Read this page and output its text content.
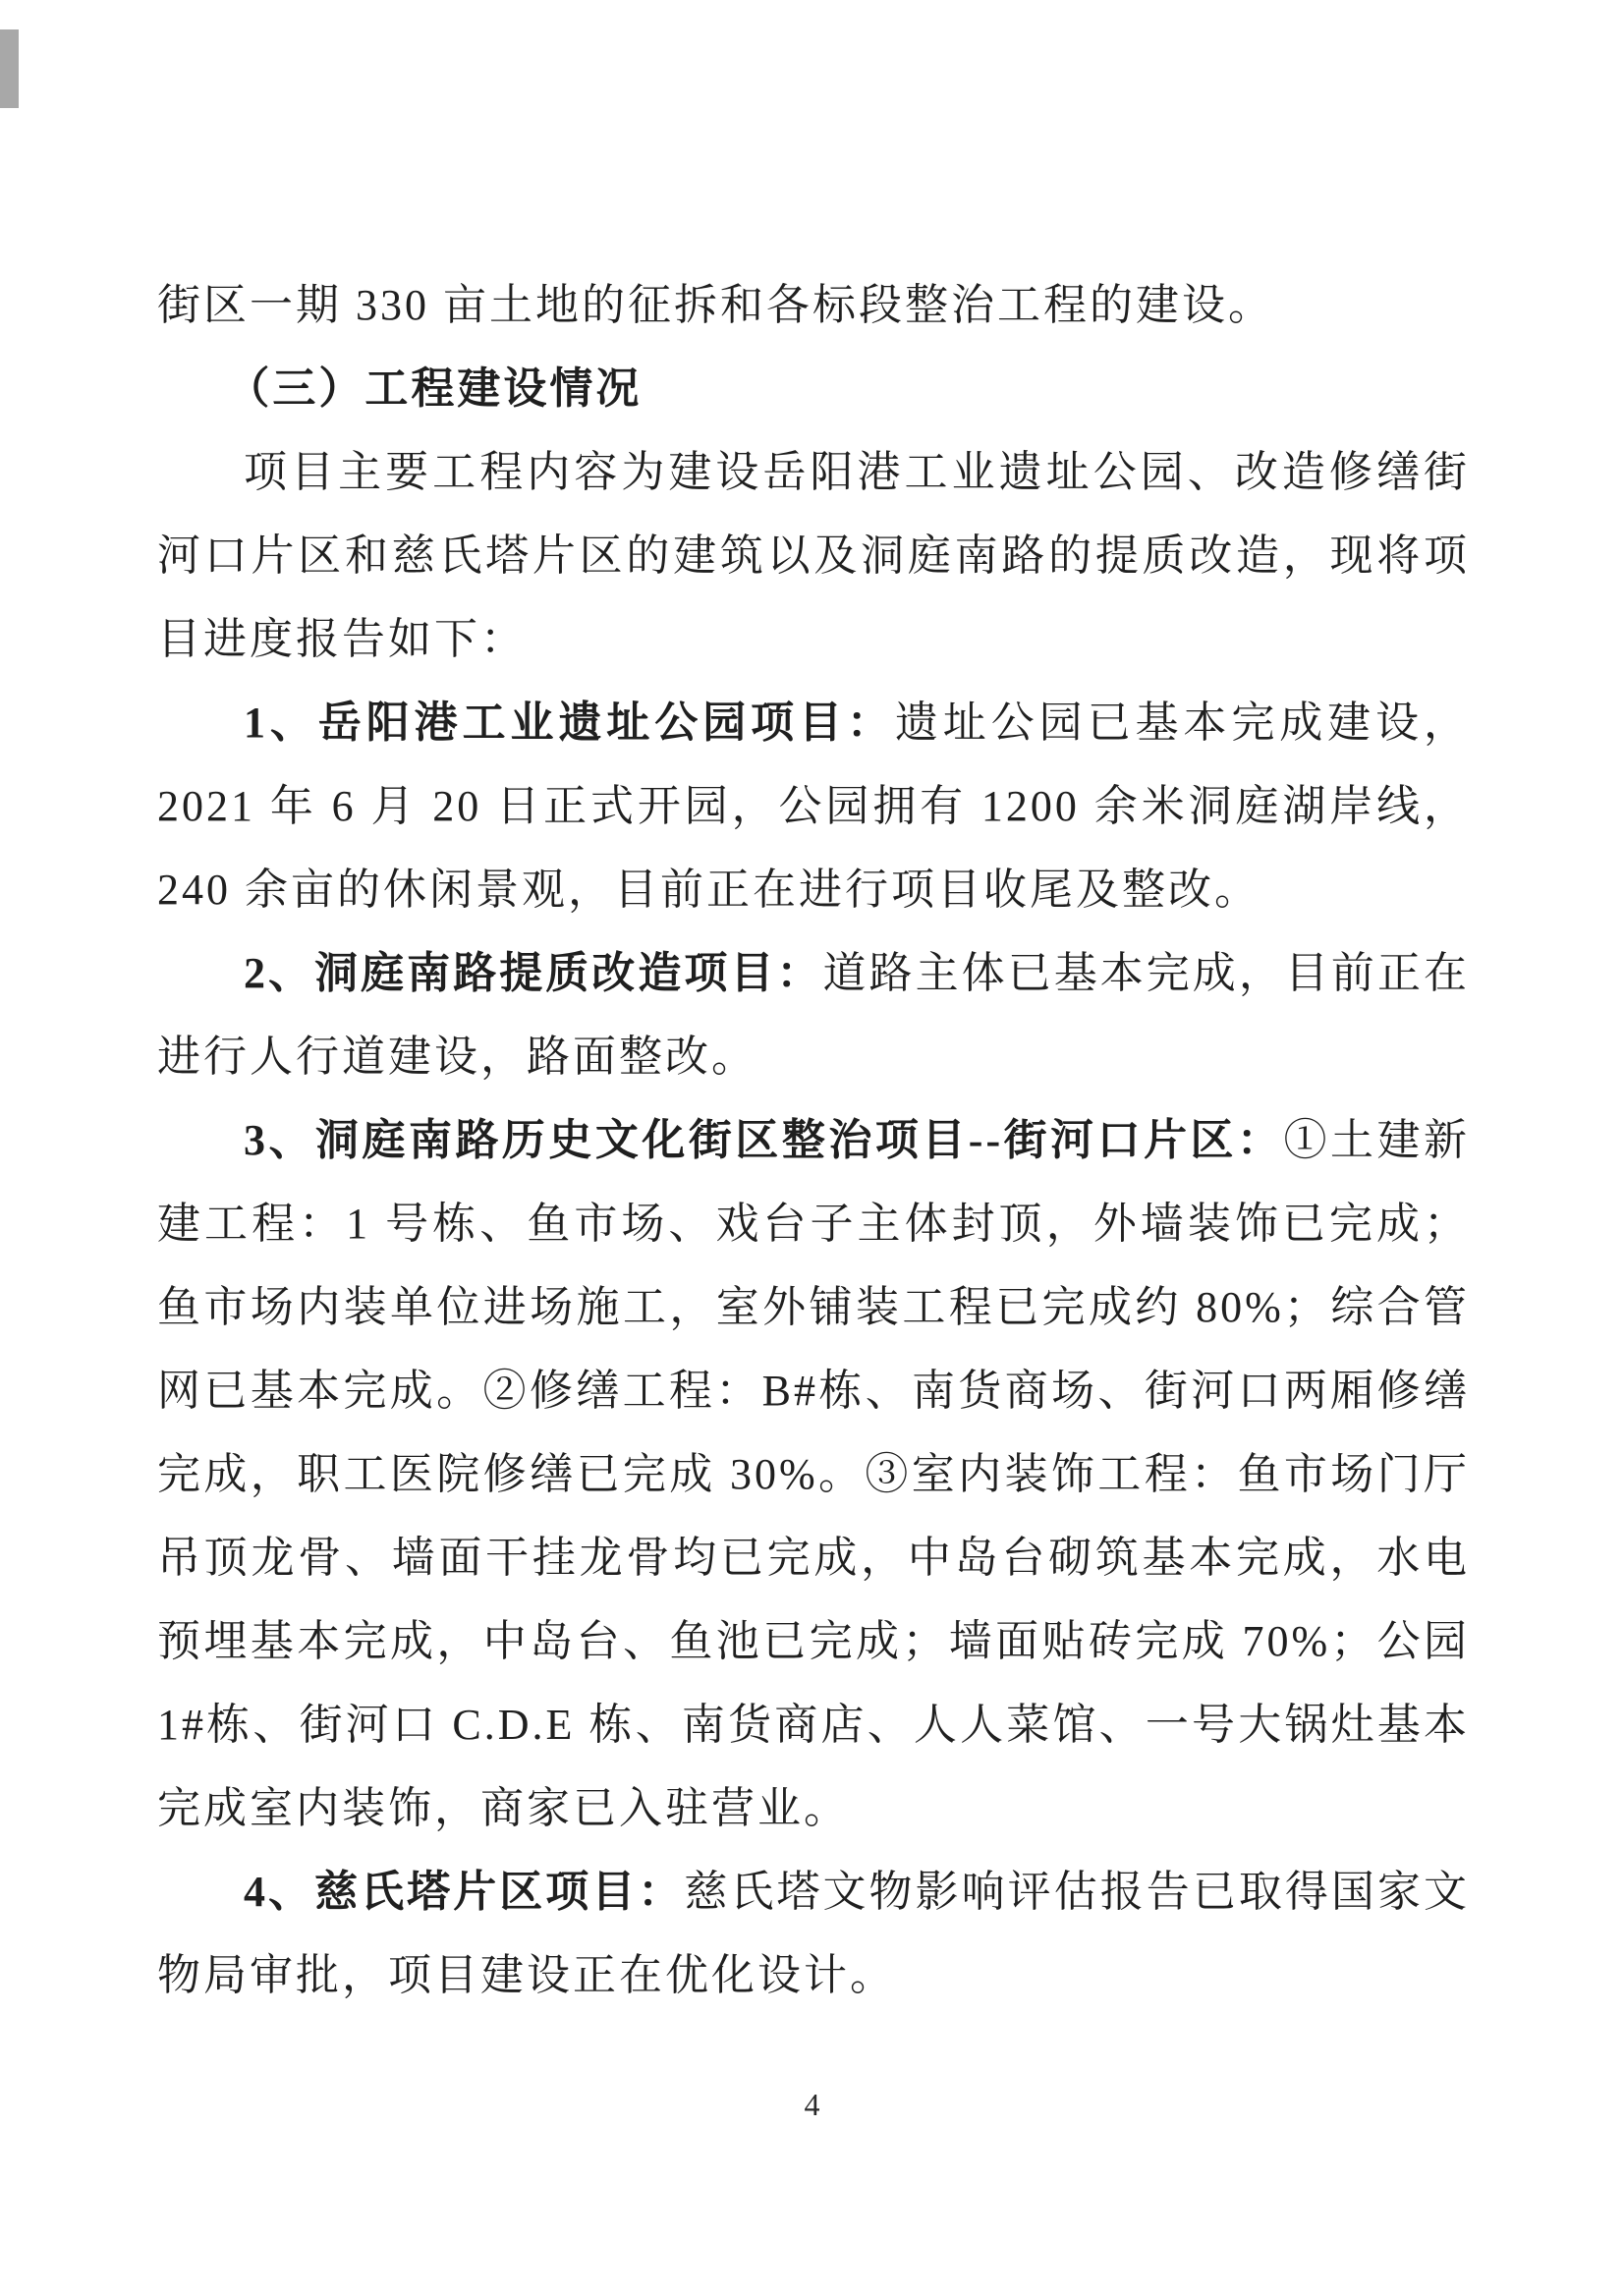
街区一期 330 亩土地的征拆和各标段整治工程的建设。

（三）工程建设情况

项目主要工程内容为建设岳阳港工业遗址公园、改造修缮街河口片区和慈氏塔片区的建筑以及洞庭南路的提质改造，现将项目进度报告如下：

1、岳阳港工业遗址公园项目：遗址公园已基本完成建设，2021 年 6 月 20 日正式开园，公园拥有 1200 余米洞庭湖岸线，240 余亩的休闲景观，目前正在进行项目收尾及整改。

2、洞庭南路提质改造项目：道路主体已基本完成，目前正在进行人行道建设，路面整改。

3、洞庭南路历史文化街区整治项目--街河口片区：①土建新建工程：1 号栋、鱼市场、戏台子主体封顶，外墙装饰已完成；鱼市场内装单位进场施工，室外铺装工程已完成约 80%；综合管网已基本完成。②修缮工程：B#栋、南货商场、街河口两厢修缮完成，职工医院修缮已完成 30%。③室内装饰工程：鱼市场门厅吊顶龙骨、墙面干挂龙骨均已完成，中岛台砌筑基本完成，水电预埋基本完成，中岛台、鱼池已完成；墙面贴砖完成 70%；公园1#栋、街河口 C.D.E 栋、南货商店、人人菜馆、一号大锅灶基本完成室内装饰，商家已入驻营业。

4、慈氏塔片区项目：慈氏塔文物影响评估报告已取得国家文物局审批，项目建设正在优化设计。

4
